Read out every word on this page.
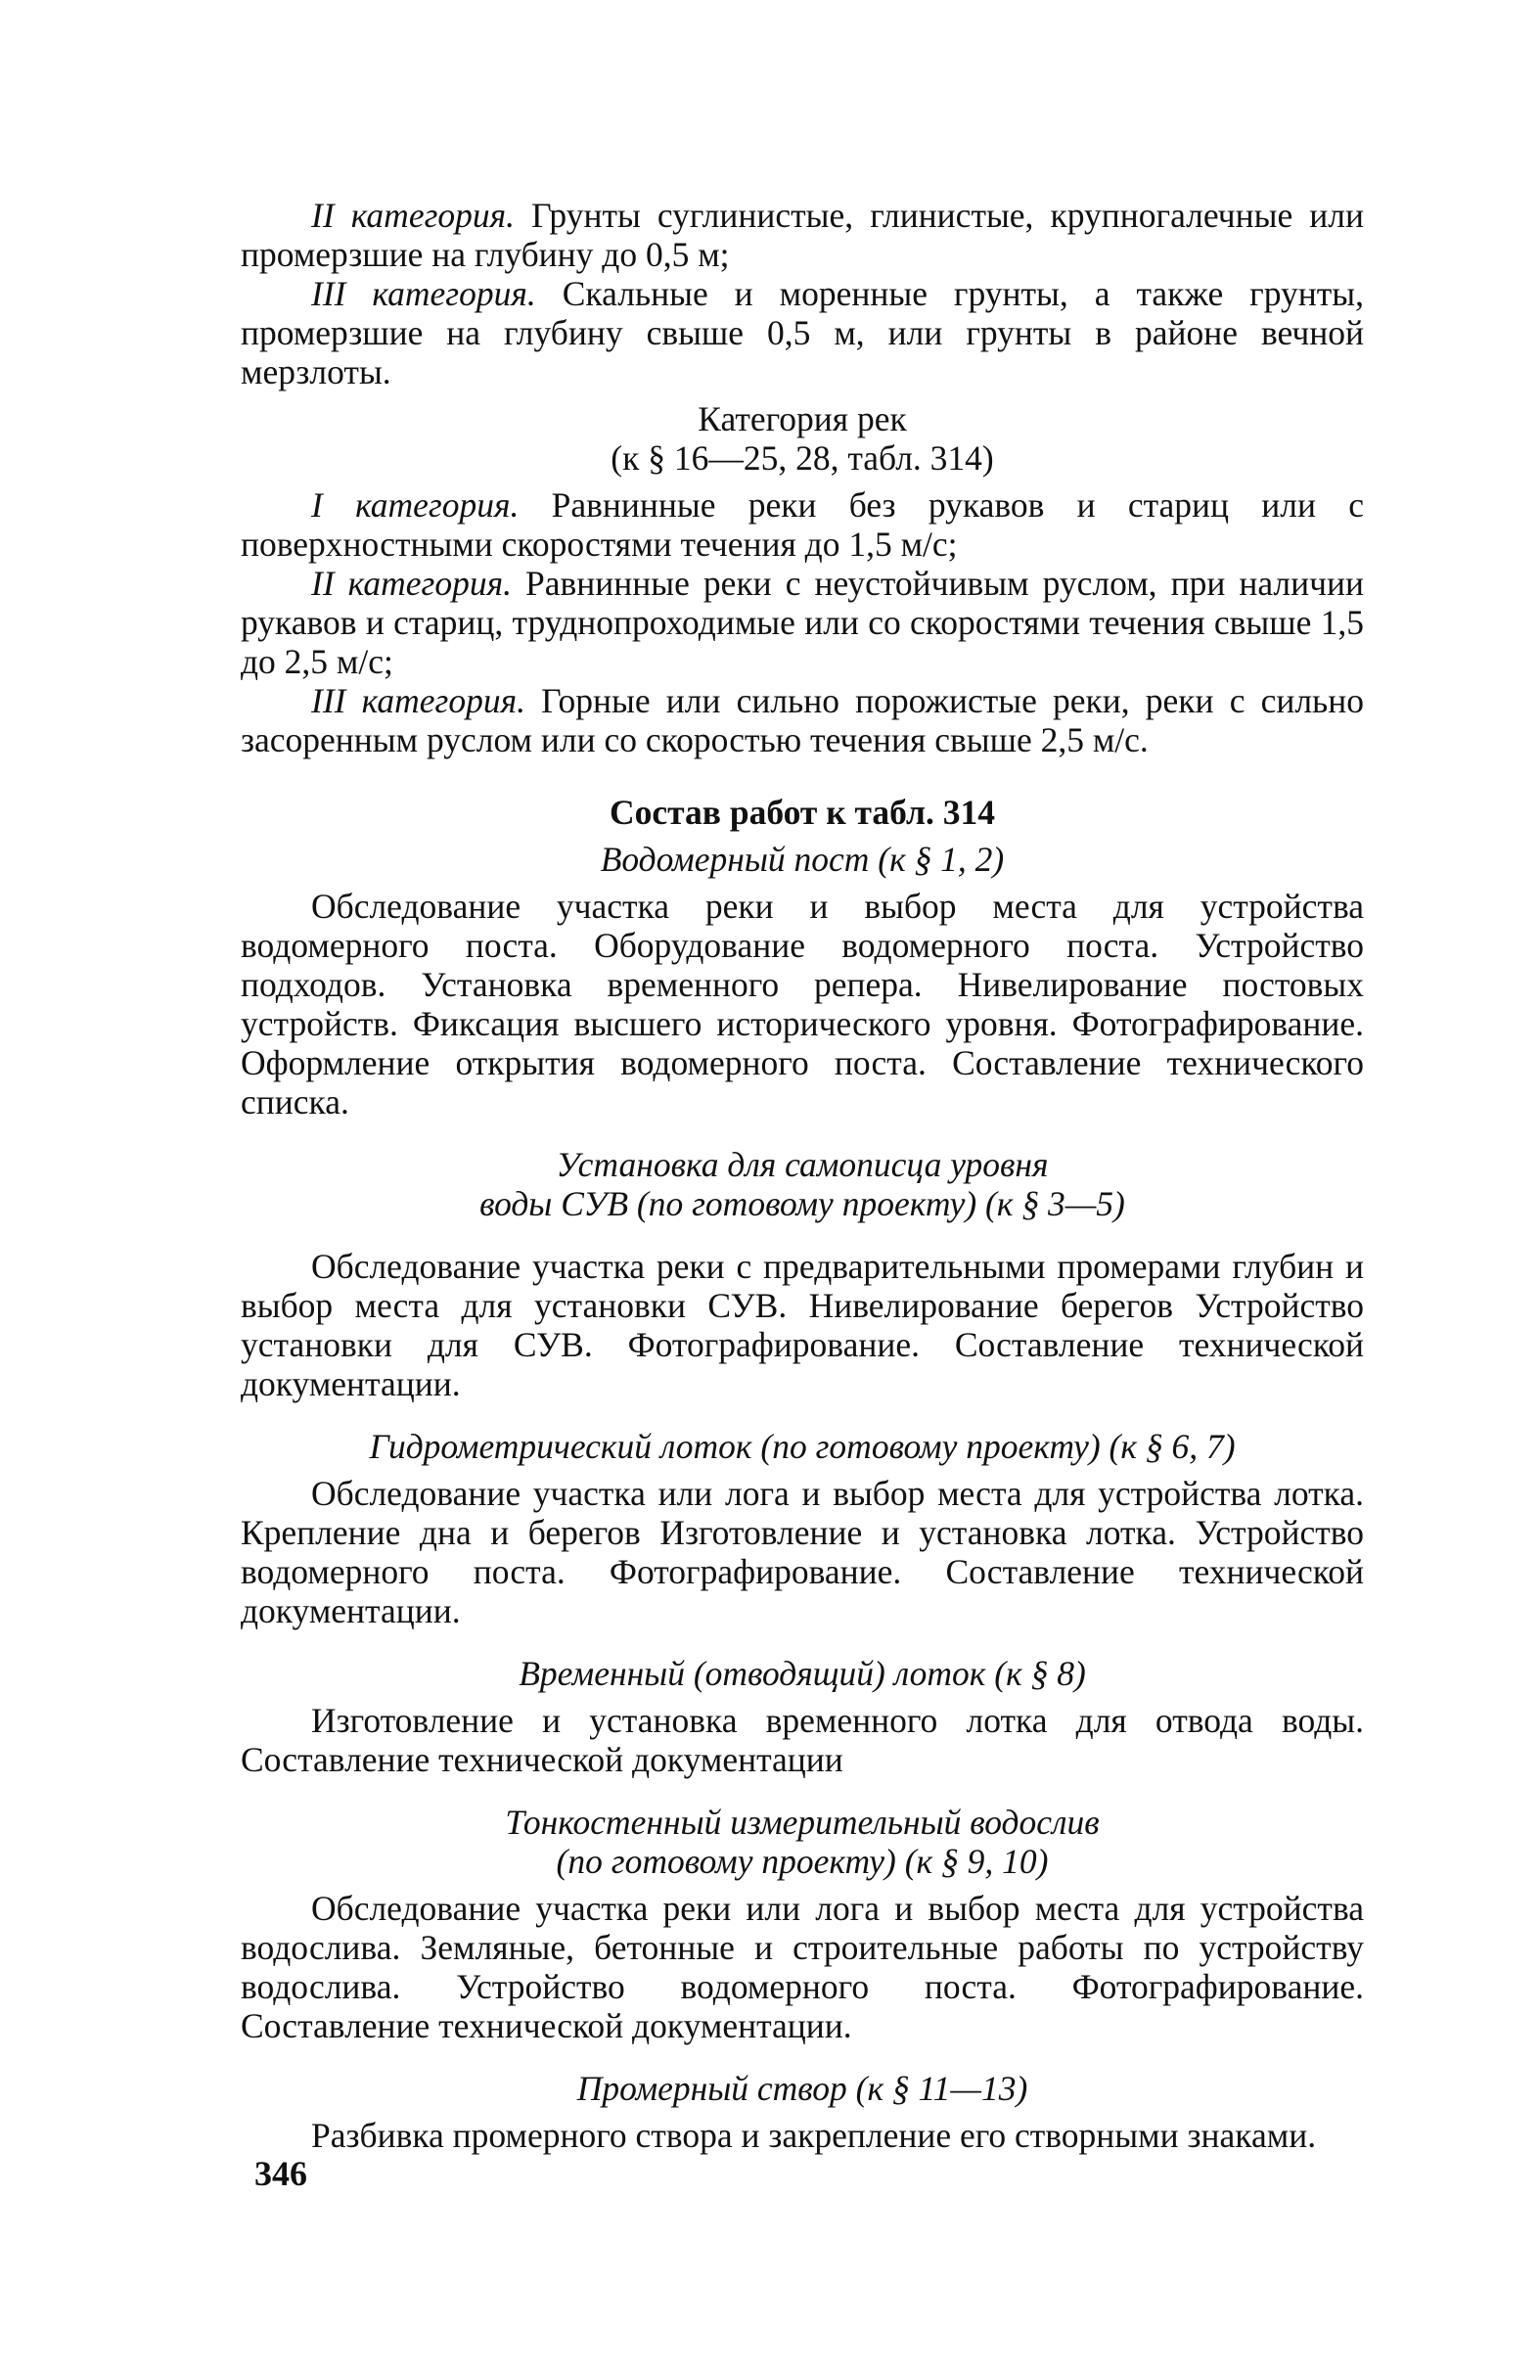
II категория. Грунты суглинистые, глинистые, крупногалечные или промерзшие на глубину до 0,5 м;

III категория. Скальные и моренные грунты, а также грунты, промерзшие на глубину свыше 0,5 м, или грунты в районе вечной мерзлоты.

Категория рек

(к § 16—25, 28, табл. 314)

I категория. Равнинные реки без рукавов и стариц или с поверхностными скоростями течения до 1,5 м/с;

II категория. Равнинные реки с неустойчивым руслом, при наличии рукавов и стариц, труднопроходимые или со скоростями течения свыше 1,5 до 2,5 м/с;

III категория. Горные или сильно порожистые реки, реки с сильно засоренным руслом или со скоростью течения свыше 2,5 м/с.

Состав работ к табл. 314

Водомерный пост (к § 1, 2)

Обследование участка реки и выбор места для устройства водомерного поста. Оборудование водомерного поста. Устройство подходов. Установка временного репера. Нивелирование постовых устройств. Фиксация высшего исторического уровня. Фотографирование. Оформление открытия водомерного поста. Составление технического списка.

Установка для самописца уровня

воды СУВ (по готовому проекту) (к § 3—5)

Обследование участка реки с предварительными промерами глубин и выбор места для установки СУВ. Нивелирование берегов Устройство установки для СУВ. Фотографирование. Составление технической документации.

Гидрометрический лоток (по готовому проекту) (к § 6, 7)

Обследование участка или лога и выбор места для устройства лотка. Крепление дна и берегов Изготовление и установка лотка. Устройство водомерного поста. Фотографирование. Составление технической документации.

Временный (отводящий) лоток (к § 8)

Изготовление и установка временного лотка для отвода воды. Составление технической документации

Тонкостенный измерительный водослив

(по готовому проекту) (к § 9, 10)

Обследование участка реки или лога и выбор места для устройства водослива. Земляные, бетонные и строительные работы по устройству водослива. Устройство водомерного поста. Фотографирование. Составление технической документации.

Промерный створ (к § 11—13)

Разбивка промерного створа и закрепление его створными знаками.

346
